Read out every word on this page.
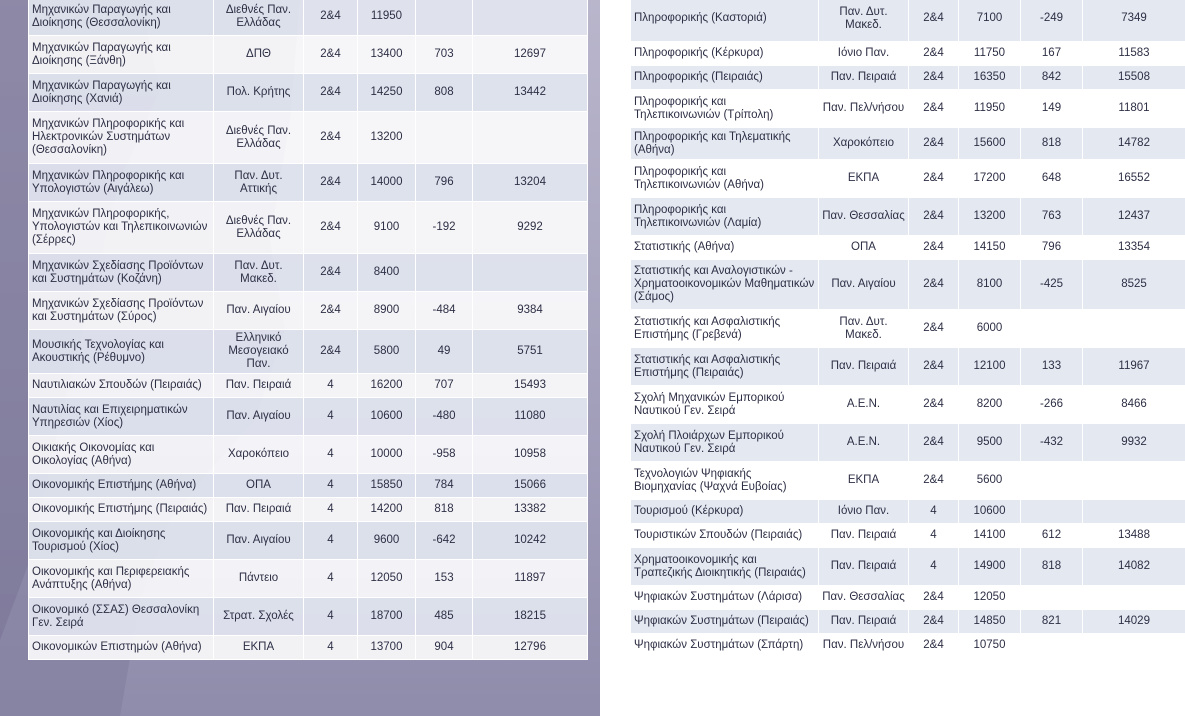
Μηχανικών Παραγωγής και Διοίκησης (Θεσσαλονίκη)	Διεθνές Παν. Ελλάδας	2&4	11950		
Μηχανικών Παραγωγής και Διοίκησης (Ξάνθη)	ΔΠΘ	2&4	13400	703	12697
Μηχανικών Παραγωγής και Διοίκησης (Χανιά)	Πολ. Κρήτης	2&4	14250	808	13442
Μηχανικών Πληροφορικής και Ηλεκτρονικών Συστημάτων (Θεσσαλονίκη)	Διεθνές Παν. Ελλάδας	2&4	13200		
Μηχανικών Πληροφορικής και Υπολογιστών (Αιγάλεω)	Παν. Δυτ. Αττικής	2&4	14000	796	13204
Μηχανικών Πληροφορικής, Υπολογιστών και Τηλεπικοινωνιών (Σέρρες)	Διεθνές Παν. Ελλάδας	2&4	9100	-192	9292
Μηχανικών Σχεδίασης Προϊόντων και Συστημάτων (Κοζάνη)	Παν. Δυτ. Μακεδ.	2&4	8400		
Μηχανικών Σχεδίασης Προϊόντων και Συστημάτων (Σύρος)	Παν. Αιγαίου	2&4	8900	-484	9384
Μουσικής Τεχνολογίας και Ακουστικής (Ρέθυμνο)	Ελληνικό Μεσογειακό Παν.	2&4	5800	49	5751
Ναυτιλιακών Σπουδών (Πειραιάς)	Παν. Πειραιά	4	16200	707	15493
Ναυτιλίας και Επιχειρηματικών Υπηρεσιών (Χίος)	Παν. Αιγαίου	4	10600	-480	11080
Οικιακής Οικονομίας και Οικολογίας (Αθήνα)	Χαροκόπειο	4	10000	-958	10958
Οικονομικής Επιστήμης (Αθήνα)	ΟΠΑ	4	15850	784	15066
Οικονομικής Επιστήμης (Πειραιάς)	Παν. Πειραιά	4	14200	818	13382
Οικονομικής και Διοίκησης Τουρισμού (Χίος)	Παν. Αιγαίου	4	9600	-642	10242
Οικονομικής και Περιφερειακής Ανάπτυξης (Αθήνα)	Πάντειο	4	12050	153	11897
Οικονομικό (ΣΣΑΣ) Θεσσαλονίκη Γεν. Σειρά	Στρατ. Σχολές	4	18700	485	18215
Οικονομικών Επιστημών (Αθήνα)	ΕΚΠΑ	4	13700	904	12796
Πληροφορικής (Καστοριά)	Παν. Δυτ. Μακεδ.	2&4	7100	-249	7349
Πληροφορικής (Κέρκυρα)	Ιόνιο Παν.	2&4	11750	167	11583
Πληροφορικής (Πειραιάς)	Παν. Πειραιά	2&4	16350	842	15508
Πληροφορικής και Τηλεπικοινωνιών (Τρίπολη)	Παν. Πελ/νήσου	2&4	11950	149	11801
Πληροφορικής και Τηλεματικής (Αθήνα)	Χαροκόπειο	2&4	15600	818	14782
Πληροφορικής και Τηλεπικοινωνιών (Αθήνα)	ΕΚΠΑ	2&4	17200	648	16552
Πληροφορικής και Τηλεπικοινωνιών (Λαμία)	Παν. Θεσσαλίας	2&4	13200	763	12437
Στατιστικής (Αθήνα)	ΟΠΑ	2&4	14150	796	13354
Στατιστικής και Αναλογιστικών - Χρηματοοικονομικών Μαθηματικών (Σάμος)	Παν. Αιγαίου	2&4	8100	-425	8525
Στατιστικής και Ασφαλιστικής Επιστήμης (Γρεβενά)	Παν. Δυτ. Μακεδ.	2&4	6000		
Στατιστικής και Ασφαλιστικής Επιστήμης (Πειραιάς)	Παν. Πειραιά	2&4	12100	133	11967
Σχολή Μηχανικών Εμπορικού Ναυτικού Γεν. Σειρά	Α.Ε.Ν.	2&4	8200	-266	8466
Σχολή Πλοιάρχων Εμπορικού Ναυτικού Γεν. Σειρά	Α.Ε.Ν.	2&4	9500	-432	9932
Τεχνολογιών Ψηφιακής Βιομηχανίας (Ψαχνά Ευβοίας)	ΕΚΠΑ	2&4	5600		
Τουρισμού (Κέρκυρα)	Ιόνιο Παν.	4	10600		
Τουριστικών Σπουδών (Πειραιάς)	Παν. Πειραιά	4	14100	612	13488
Χρηματοοικονομικής και Τραπεζικής Διοικητικής (Πειραιάς)	Παν. Πειραιά	4	14900	818	14082
Ψηφιακών Συστημάτων (Λάρισα)	Παν. Θεσσαλίας	2&4	12050		
Ψηφιακών Συστημάτων (Πειραιάς)	Παν. Πειραιά	2&4	14850	821	14029
Ψηφιακών Συστημάτων (Σπάρτη)	Παν. Πελ/νήσου	2&4	10750		
